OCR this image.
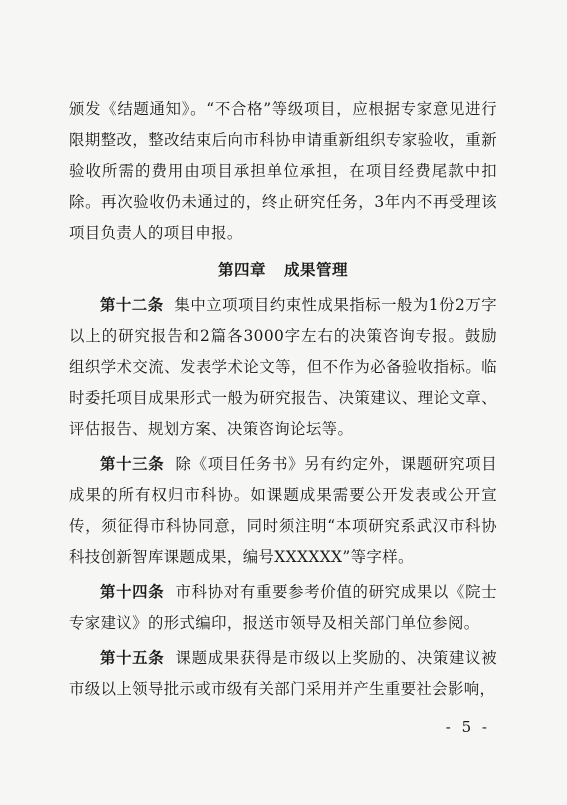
颁发《结题通知》。“不合格”等级项目，应根据专家意见进行限期整改，整改结束后向市科协申请重新组织专家验收，重新验收所需的费用由项目承担单位承担，在项目经费尾款中扣除。再次验收仍未通过的，终止研究任务，3年内不再受理该项目负责人的项目申报。

第四章 成果管理

第十二条 集中立项项目约束性成果指标一般为1份2万字以上的研究报告和2篇各3000字左右的决策咨询专报。鼓励组织学术交流、发表学术论文等，但不作为必备验收指标。临时委托项目成果形式一般为研究报告、决策建议、理论文章、评估报告、规划方案、决策咨询论坛等。

第十三条 除《项目任务书》另有约定外，课题研究项目成果的所有权归市科协。如课题成果需要公开发表或公开宣传，须征得市科协同意，同时须注明“本项研究系武汉市科协科技创新智库课题成果，编号XXXXXX”等字样。

第十四条 市科协对有重要参考价值的研究成果以《院士专家建议》的形式编印，报送市领导及相关部门单位参阅。

第十五条 课题成果获得是市级以上奖励的、决策建议被市级以上领导批示或市级有关部门采用并产生重要社会影响，

- 5 -
